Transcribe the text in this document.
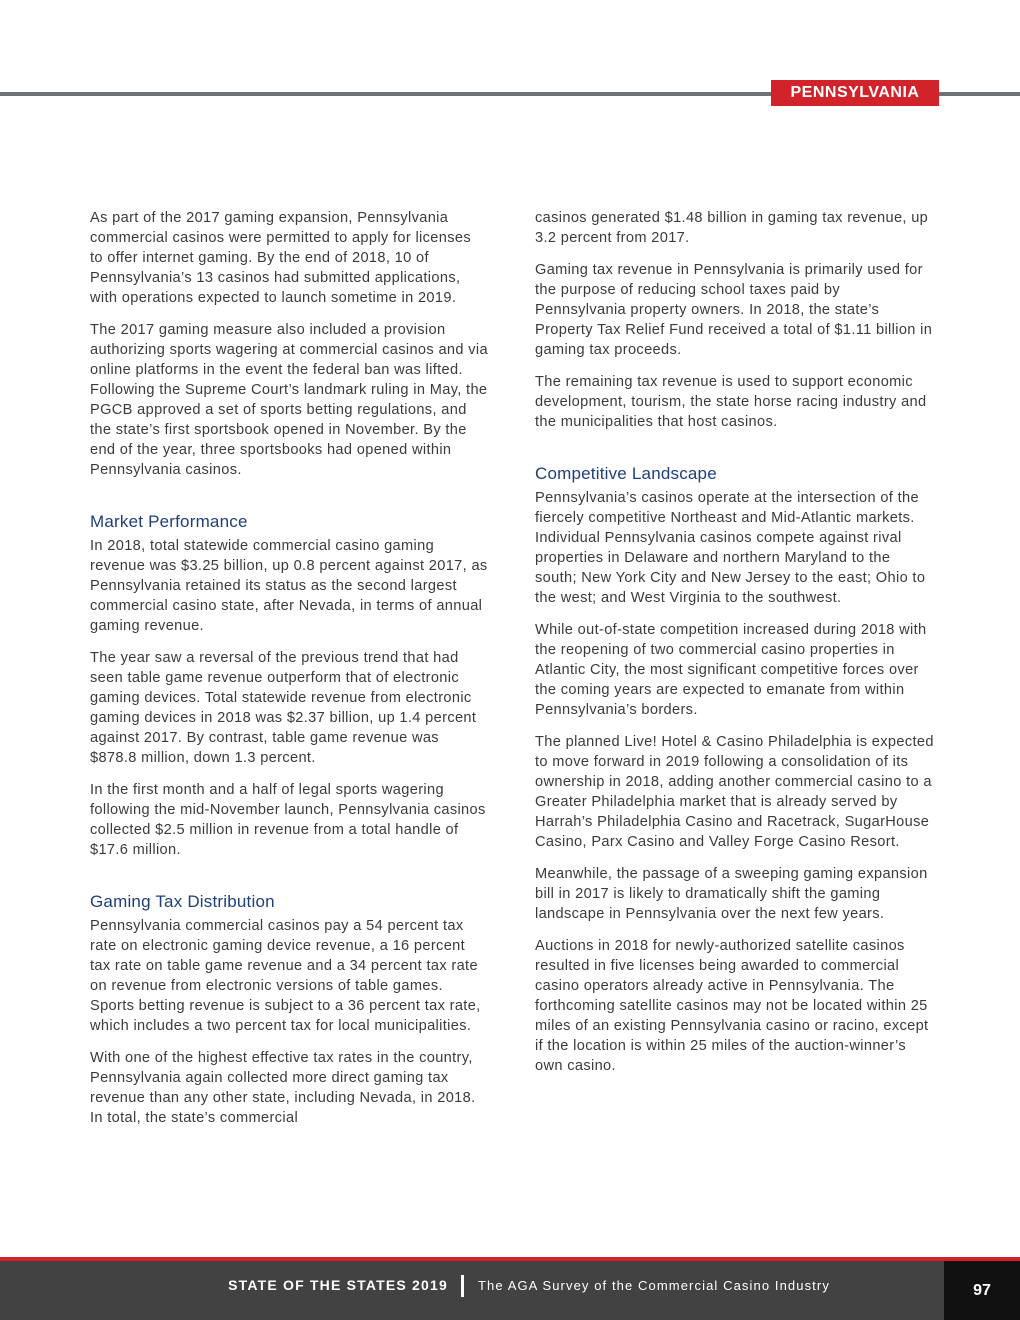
PENNSYLVANIA

As part of the 2017 gaming expansion, Pennsylvania commercial casinos were permitted to apply for licenses to offer internet gaming. By the end of 2018, 10 of Pennsylvania’s 13 casinos had submitted applications, with operations expected to launch sometime in 2019.

The 2017 gaming measure also included a provision authorizing sports wagering at commercial casinos and via online platforms in the event the federal ban was lifted. Following the Supreme Court’s landmark ruling in May, the PGCB approved a set of sports betting regulations, and the state’s first sportsbook opened in November. By the end of the year, three sportsbooks had opened within Pennsylvania casinos.

Market Performance

In 2018, total statewide commercial casino gaming revenue was $3.25 billion, up 0.8 percent against 2017, as Pennsylvania retained its status as the second largest commercial casino state, after Nevada, in terms of annual gaming revenue.

The year saw a reversal of the previous trend that had seen table game revenue outperform that of electronic gaming devices. Total statewide revenue from electronic gaming devices in 2018 was $2.37 billion, up 1.4 percent against 2017. By contrast, table game revenue was $878.8 million, down 1.3 percent.

In the first month and a half of legal sports wagering following the mid-November launch, Pennsylvania casinos collected $2.5 million in revenue from a total handle of $17.6 million.

Gaming Tax Distribution

Pennsylvania commercial casinos pay a 54 percent tax rate on electronic gaming device revenue, a 16 percent tax rate on table game revenue and a 34 percent tax rate on revenue from electronic versions of table games. Sports betting revenue is subject to a 36 percent tax rate, which includes a two percent tax for local municipalities.

With one of the highest effective tax rates in the country, Pennsylvania again collected more direct gaming tax revenue than any other state, including Nevada, in 2018. In total, the state’s commercial

casinos generated $1.48 billion in gaming tax revenue, up 3.2 percent from 2017.

Gaming tax revenue in Pennsylvania is primarily used for the purpose of reducing school taxes paid by Pennsylvania property owners. In 2018, the state’s Property Tax Relief Fund received a total of $1.11 billion in gaming tax proceeds.

The remaining tax revenue is used to support economic development, tourism, the state horse racing industry and the municipalities that host casinos.

Competitive Landscape

Pennsylvania’s casinos operate at the intersection of the fiercely competitive Northeast and Mid-Atlantic markets. Individual Pennsylvania casinos compete against rival properties in Delaware and northern Maryland to the south; New York City and New Jersey to the east; Ohio to the west; and West Virginia to the southwest.

While out-of-state competition increased during 2018 with the reopening of two commercial casino properties in Atlantic City, the most significant competitive forces over the coming years are expected to emanate from within Pennsylvania’s borders.

The planned Live! Hotel & Casino Philadelphia is expected to move forward in 2019 following a consolidation of its ownership in 2018, adding another commercial casino to a Greater Philadelphia market that is already served by Harrah’s Philadelphia Casino and Racetrack, SugarHouse Casino, Parx Casino and Valley Forge Casino Resort.

Meanwhile, the passage of a sweeping gaming expansion bill in 2017 is likely to dramatically shift the gaming landscape in Pennsylvania over the next few years.

Auctions in 2018 for newly-authorized satellite casinos resulted in five licenses being awarded to commercial casino operators already active in Pennsylvania. The forthcoming satellite casinos may not be located within 25 miles of an existing Pennsylvania casino or racino, except if the location is within 25 miles of the auction-winner’s own casino.

STATE OF THE STATES 2019 The AGA Survey of the Commercial Casino Industry	97
